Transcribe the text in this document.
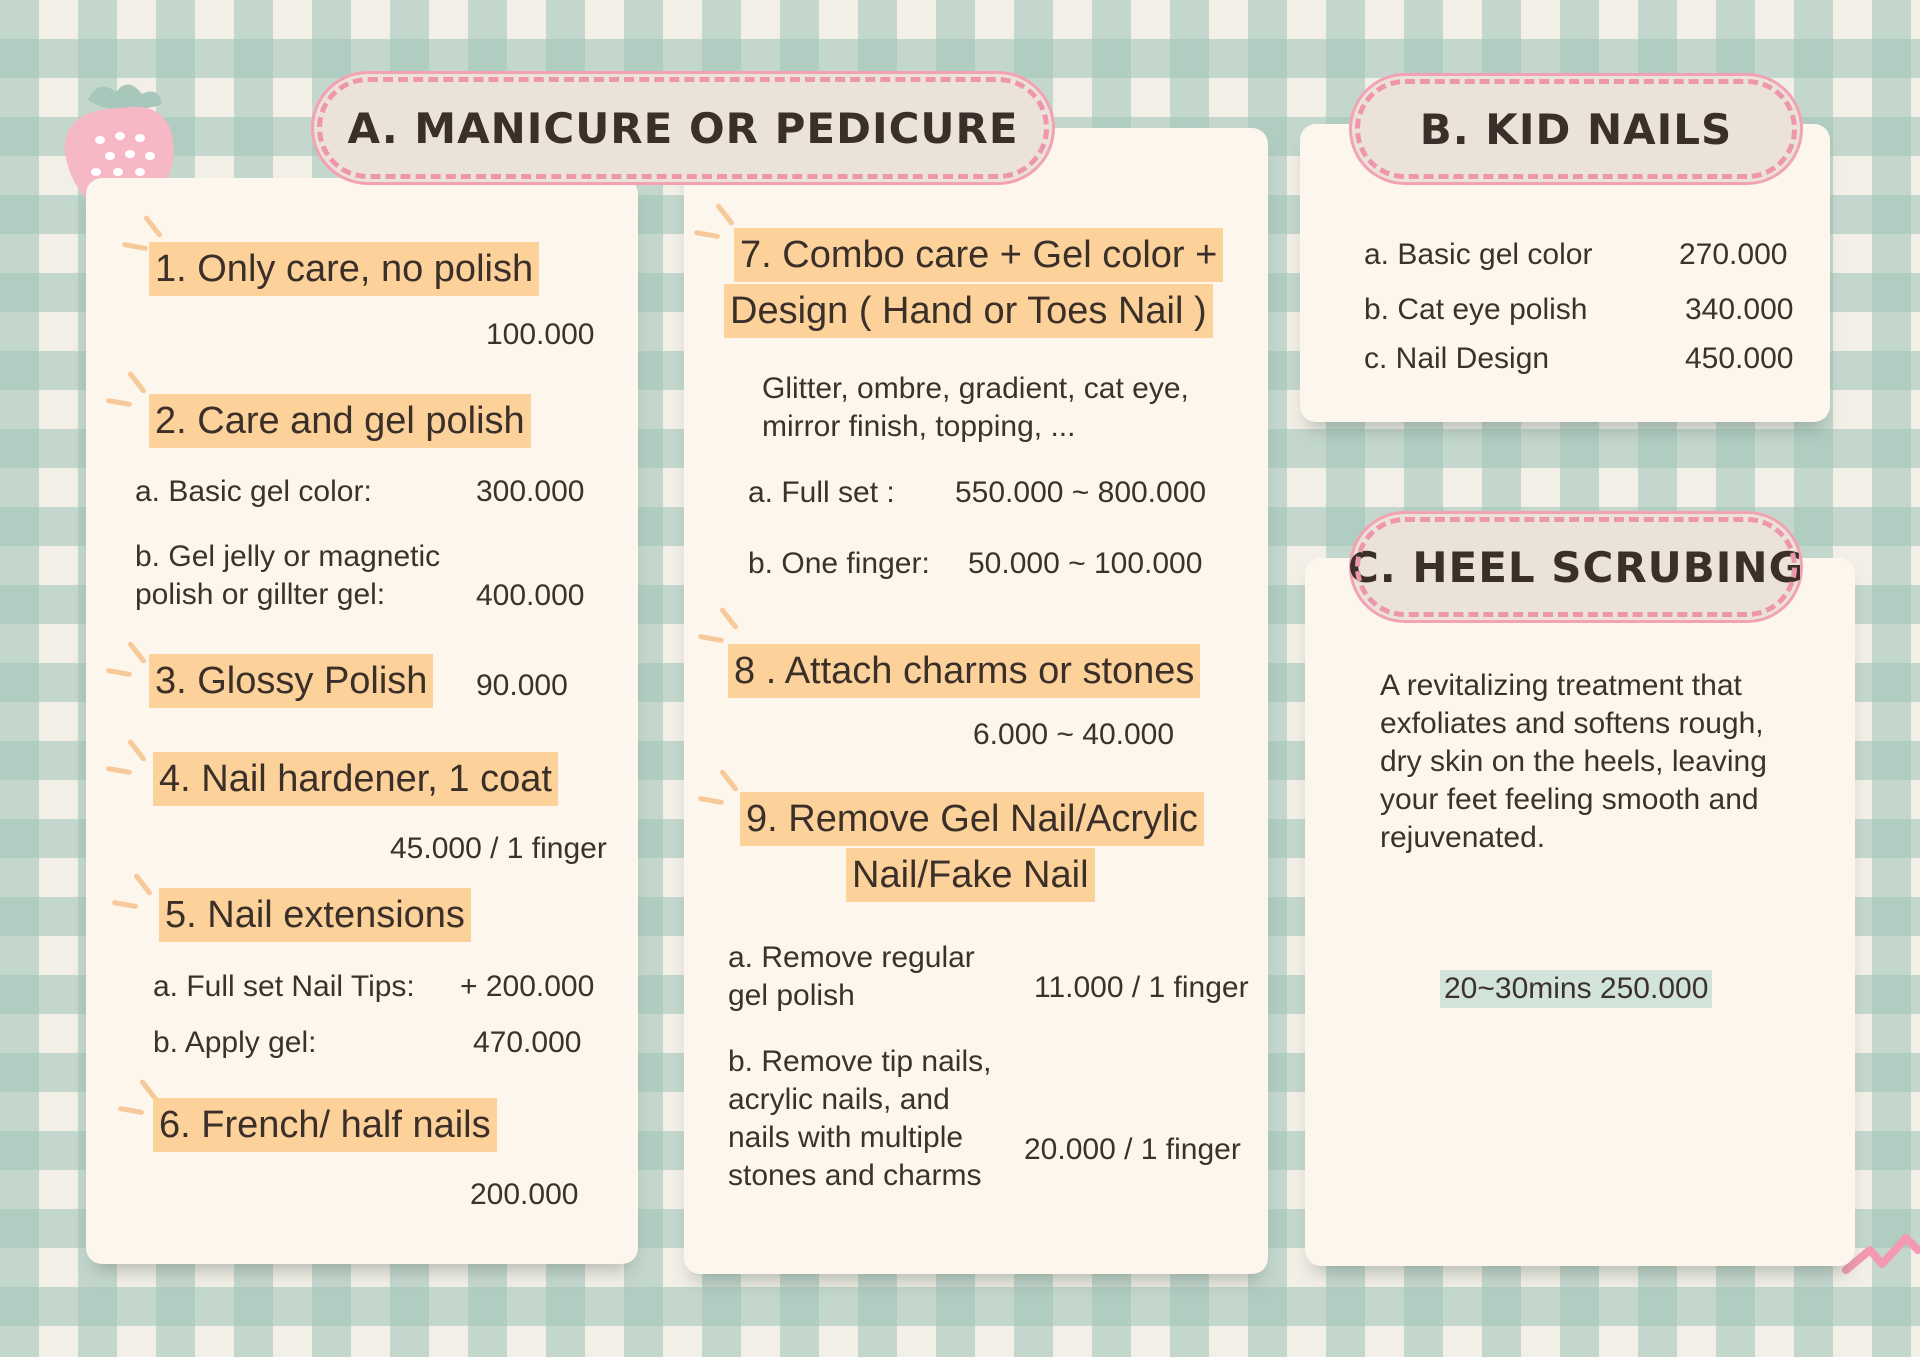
A. MANICURE OR PEDICURE	B. KID NAILS
C. HEEL SCRUBING
1. Only care, no polish
100.000
2. Care and gel polish
a. Basic gel color:	300.000
b. Gel jelly or magnetic polish or gillter gel:	400.000
3. Glossy Polish 90.000
4. Nail hardener, 1 coat
45.000 / 1 finger
5. Nail extensions
a. Full set Nail Tips: + 200.000
b. Apply gel:	470.000
6. French/ half nails
200.000
7. Combo care + Gel color +
Design ( Hand or Toes Nail )
Glitter, ombre, gradient, cat eye, mirror finish, topping, ...
a. Full set : 550.000 ~ 800.000
b. One finger: 50.000 ~ 100.000
8 . Attach charms or stones
6.000 ~ 40.000
9. Remove Gel Nail/Acrylic
Nail/Fake Nail
a. Remove regular gel polish	11.000 / 1 finger
b. Remove tip nails, acrylic nails, and nails with multiple stones and charms
20.000 / 1 finger
a. Basic gel color	270.000
b. Cat eye polish	340.000
c. Nail Design	450.000
A revitalizing treatment that exfoliates and softens rough, dry skin on the heels, leaving your feet feeling smooth and rejuvenated.
20~30mins 250.000
